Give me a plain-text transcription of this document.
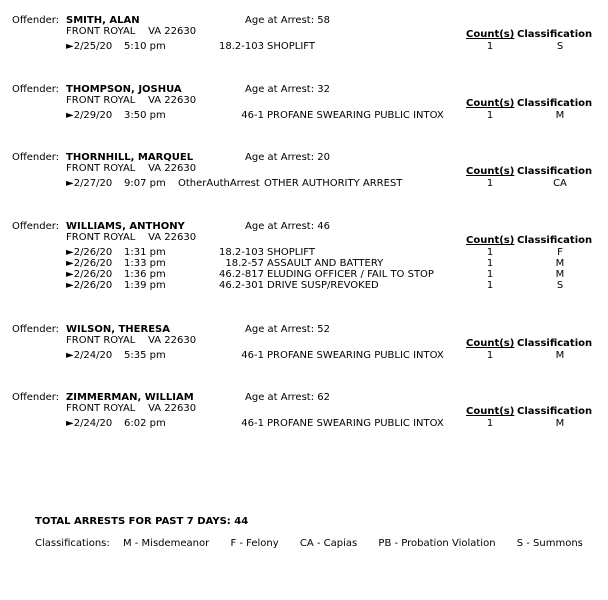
Offender: SMITH, ALAN	Age at Arrest: 58
FRONT ROYAL    VA 22630	Count(s) Classification
►2/25/20 5:10 pm	18.2-103 SHOPLIFT	1	S
Offender: THOMPSON, JOSHUA	Age at Arrest: 32
FRONT ROYAL    VA 22630	Count(s) Classification
►2/29/20 3:50 pm	46-1 PROFANE SWEARING PUBLIC INTOX	1	M
Offender: THORNHILL, MARQUEL	Age at Arrest: 20
FRONT ROYAL    VA 22630	Count(s) Classification
►2/27/20 9:07 pm OtherAuthArrest OTHER AUTHORITY ARREST	1	CA
Offender: WILLIAMS, ANTHONY	Age at Arrest: 46
FRONT ROYAL    VA 22630	Count(s) Classification
►2/26/20 1:31 pm	18.2-103 SHOPLIFT	1	F
►2/26/20 1:33 pm	18.2-57 ASSAULT AND BATTERY	1	M
►2/26/20 1:36 pm	46.2-817 ELUDING OFFICER / FAIL TO STOP	1	M
►2/26/20 1:39 pm	46.2-301 DRIVE SUSP/REVOKED	1	S
Offender: WILSON, THERESA	Age at Arrest: 52
FRONT ROYAL    VA 22630	Count(s) Classification
►2/24/20 5:35 pm	46-1 PROFANE SWEARING PUBLIC INTOX	1	M
Offender: ZIMMERMAN, WILLIAM	Age at Arrest: 62
FRONT ROYAL    VA 22630	Count(s) Classification
►2/24/20 6:02 pm	46-1 PROFANE SWEARING PUBLIC INTOX	1	M
TOTAL ARRESTS FOR PAST 7 DAYS: 44
Classifications: M - Misdemeanor F - Felony CA - Capias PB - Probation Violation S - Summons
